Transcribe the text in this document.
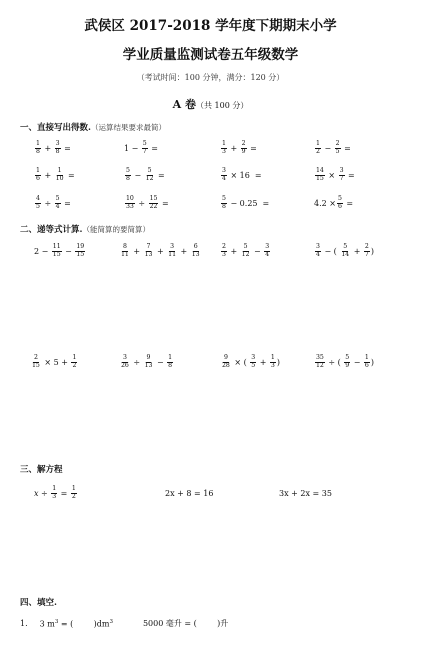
武侯区 2017-2018 学年度下期期末小学
学业质量监测试卷五年级数学
（考试时间：100 分钟，满分：120 分）
A 卷（共 100 分）
一、直接写出得数.（运算结果要求最简）
$\frac{1}{8} + \frac{3}{8}$ =	$1 - \frac{5}{7}$ =	$\frac{1}{3} + \frac{2}{9}$ =	$\frac{1}{2} - \frac{2}{5}$ =
$\frac{1}{6} + \frac{1}{10}$ =	$\frac{5}{8} - \frac{5}{12}$ =	$\frac{3}{4} \times 16$ =	$\frac{14}{15} \times \frac{3}{7}$ =
$\frac{4}{5} \div \frac{5}{4}$ =	$\frac{10}{33} \div \frac{15}{22}$ =	$\frac{5}{8} - 0.25$ =	$4.2 \times \frac{5}{6}$ =
二、递等式计算.（能简算的要简算）
$2 - \frac{11}{15} - \frac{19}{15}$	$\frac{8}{11} + \frac{7}{13} + \frac{3}{11} + \frac{6}{13}$	$\frac{2}{3} + \frac{5}{12} - \frac{3}{4}$	$\frac{3}{4}$ − ( $\frac{5}{14} + \frac{2}{7}$ )
$\frac{2}{15} \times 5 + \frac{1}{2}$	$\frac{3}{26} \div \frac{9}{13} - \frac{1}{8}$	$\frac{9}{28}$ × ( $\frac{3}{5} + \frac{1}{3}$ )	$\frac{35}{12}$ ÷ ( $\frac{5}{9} - \frac{1}{6}$ )
三、解方程
$x \div \frac{1}{3} = \frac{1}{2}$	2x + 8 = 16	3x + 2x = 35
四、填空.
1. 3 $m^3$ = (        )$dm^3$	5000 毫升 = (        )升
